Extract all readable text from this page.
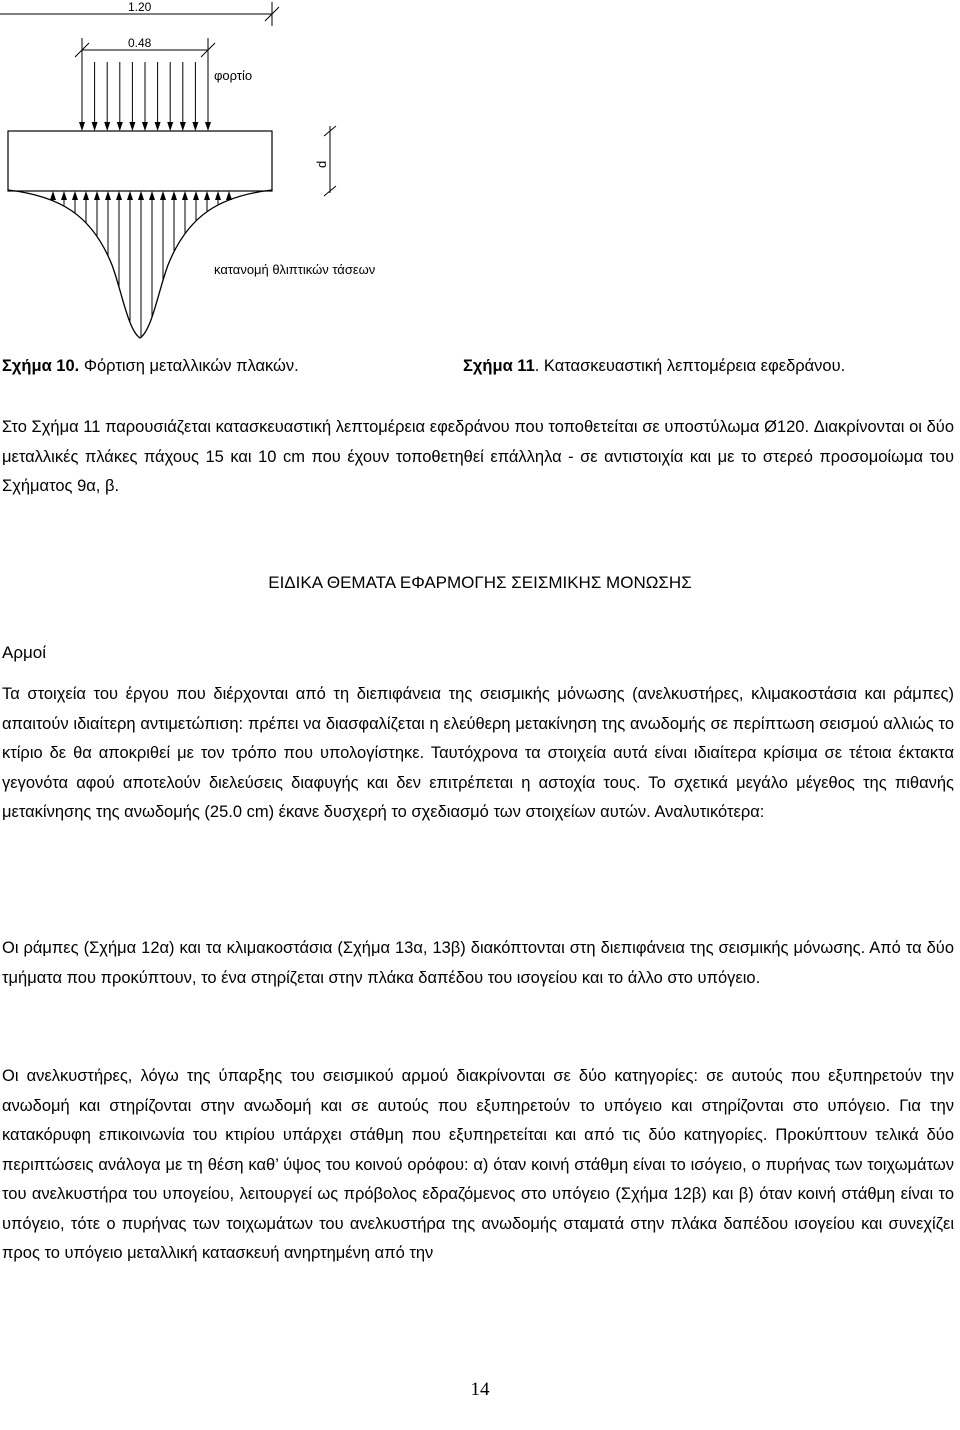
1.20
0.48
φορτίο
d
κατανομή θλιπτικών τάσεων
Σχήμα 10. Φόρτιση μεταλλικών πλακών.	Σχήμα 11. Κατασκευαστική λεπτομέρεια εφεδράνου.

Στο Σχήμα 11 παρουσιάζεται κατασκευαστική λεπτομέρεια εφεδράνου που τοποθετείται σε υποστύλωμα Ø120. Διακρίνονται οι δύο μεταλλικές πλάκες πάχους 15 και 10 cm που έχουν τοποθετηθεί επάλληλα - σε αντιστοιχία και με το στερεό προσομοίωμα του Σχήματος 9α, β.

ΕΙΔΙΚΑ ΘΕΜΑΤΑ ΕΦΑΡΜΟΓΗΣ ΣΕΙΣΜΙΚΗΣ ΜΟΝΩΣΗΣ
Αρμοί

Τα στοιχεία του έργου που διέρχονται από τη διεπιφάνεια της σεισμικής μόνωσης (ανελκυστήρες, κλιμακοστάσια και ράμπες) απαιτούν ιδιαίτερη αντιμετώπιση: πρέπει να διασφαλίζεται η ελεύθερη μετακίνηση της ανωδομής σε περίπτωση σεισμού αλλιώς το κτίριο δε θα αποκριθεί με τον τρόπο που υπολογίστηκε. Ταυτόχρονα τα στοιχεία αυτά είναι ιδιαίτερα κρίσιμα σε τέτοια έκτακτα γεγονότα αφού αποτελούν διελεύσεις διαφυγής και δεν επιτρέπεται η αστοχία τους. Το σχετικά μεγάλο μέγεθος της πιθανής μετακίνησης της ανωδομής (25.0 cm) έκανε δυσχερή το σχεδιασμό των στοιχείων αυτών. Αναλυτικότερα:

Οι ράμπες (Σχήμα 12α) και τα κλιμακοστάσια (Σχήμα 13α, 13β) διακόπτονται στη διεπιφάνεια της σεισμικής μόνωσης. Από τα δύο τμήματα που προκύπτουν, το ένα στηρίζεται στην πλάκα δαπέδου του ισογείου και το άλλο στο υπόγειο.

Οι ανελκυστήρες, λόγω της ύπαρξης του σεισμικού αρμού διακρίνονται σε δύο κατηγορίες: σε αυτούς που εξυπηρετούν την ανωδομή και στηρίζονται στην ανωδομή και σε αυτούς που εξυπηρετούν το υπόγειο και στηρίζονται στο υπόγειο. Για την κατακόρυφη επικοινωνία του κτιρίου υπάρχει στάθμη που εξυπηρετείται και από τις δύο κατηγορίες. Προκύπτουν τελικά δύο περιπτώσεις ανάλογα με τη θέση καθ’ ύψος του κοινού ορόφου: α) όταν κοινή στάθμη είναι το ισόγειο, ο πυρήνας των τοιχωμάτων του ανελκυστήρα του υπογείου, λειτουργεί ως πρόβολος εδραζόμενος στο υπόγειο (Σχήμα 12β) και β) όταν κοινή στάθμη είναι το υπόγειο, τότε ο πυρήνας των τοιχωμάτων του ανελκυστήρα της ανωδομής σταματά στην πλάκα δαπέδου ισογείου και συνεχίζει προς το υπόγειο μεταλλική κατασκευή ανηρτημένη από την

14
